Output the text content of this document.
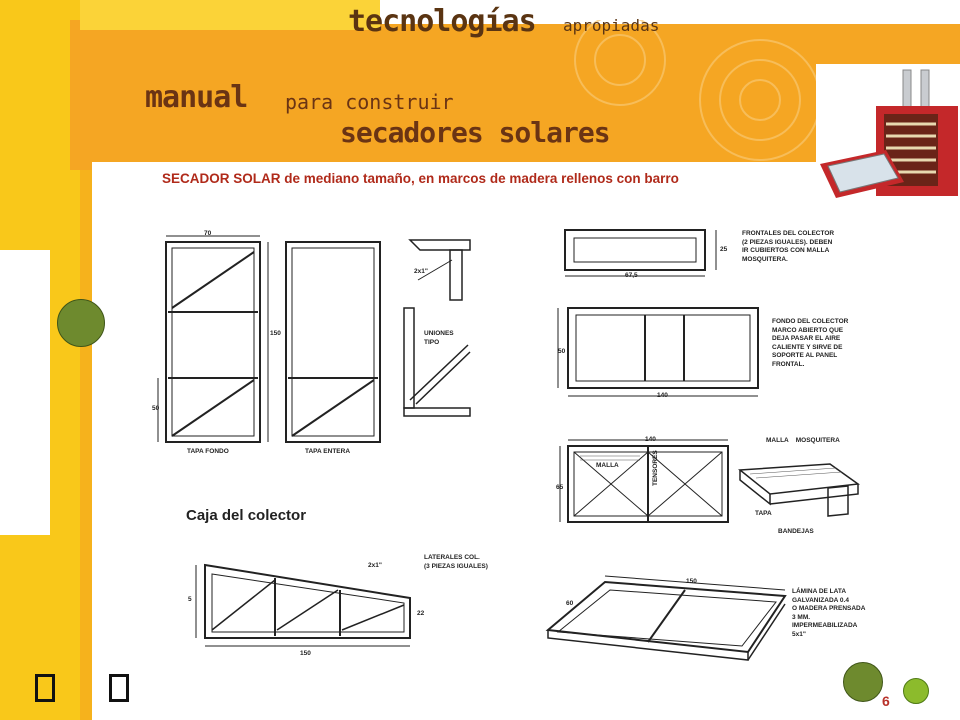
tecnologías apropiadas
manual para construir
secadores solares
SECADOR SOLAR de mediano tamaño, en marcos de madera rellenos con barro
70
150
50
TAPA FONDO	TAPA ENTERA
2x1"
UNIONES
TIPO
FRONTALES DEL COLECTOR
(2 PIEZAS IGUALES). DEBEN
IR CUBIERTOS CON MALLA
MOSQUITERA.
67,5
25
FONDO DEL COLECTOR
MARCO ABIERTO QUE
DEJA PASAR EL AIRE
CALIENTE Y SIRVE DE
SOPORTE AL PANEL
FRONTAL.
50
140
140
65
MALLA
MALLA    MOSQUITERA
TENSORES
TAPA
BANDEJAS
Caja del colector
LATERALES COL.
(3 PIEZAS IGUALES)
2x1"
5
22
150
LÁMINA DE LATA
GALVANIZADA 0.4
O MADERA PRENSADA
3 MM.
IMPERMEABILIZADA
5x1"
150
60
6
